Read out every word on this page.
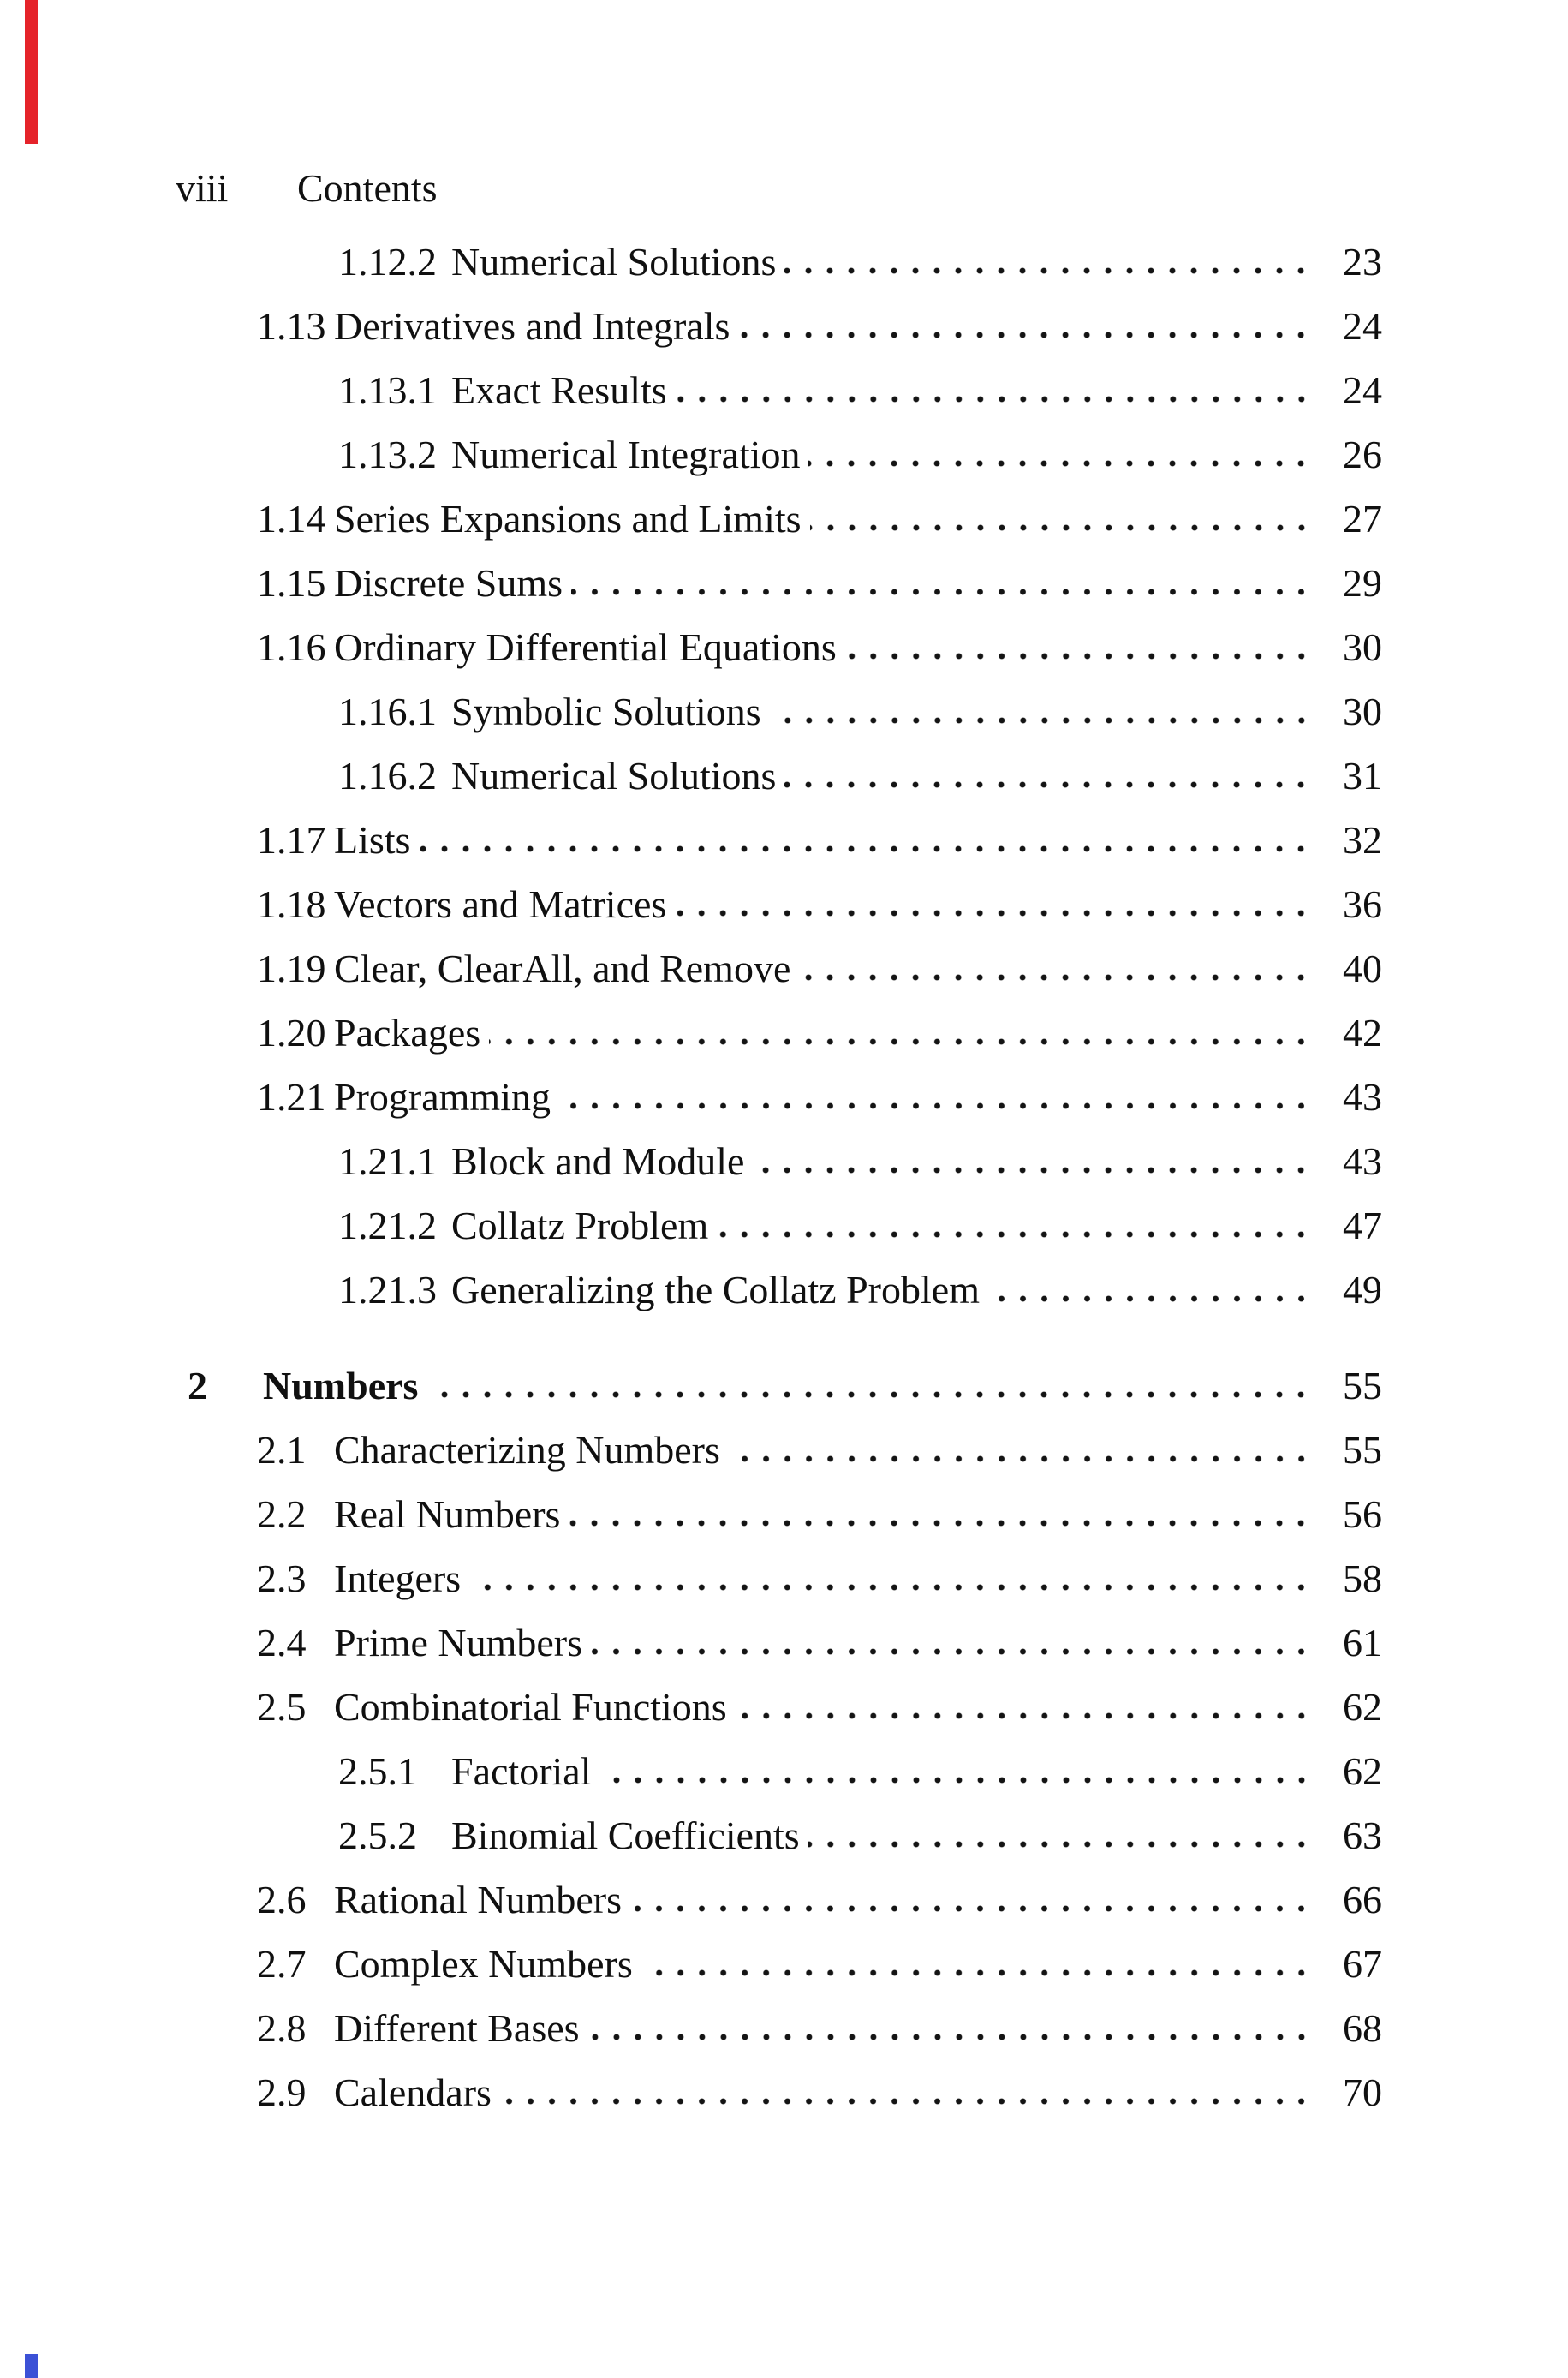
viii Contents
1.12.2 Numerical Solutions	23
1.13 Derivatives and Integrals	24
1.13.1 Exact Results	24
1.13.2 Numerical Integration	26
1.14 Series Expansions and Limits	27
1.15 Discrete Sums	29
1.16 Ordinary Differential Equations	30
1.16.1 Symbolic Solutions	30
1.16.2 Numerical Solutions	31
1.17 Lists	32
1.18 Vectors and Matrices	36
1.19 Clear, ClearAll, and Remove	40
1.20 Packages	42
1.21 Programming	43
1.21.1 Block and Module	43
1.21.2 Collatz Problem	47
1.21.3 Generalizing the Collatz Problem	49
2	Numbers	55
2.1 Characterizing Numbers	55
2.2 Real Numbers	56
2.3 Integers	58
2.4 Prime Numbers	61
2.5 Combinatorial Functions	62
2.5.1 Factorial	62
2.5.2 Binomial Coefficients	63
2.6 Rational Numbers	66
2.7 Complex Numbers	67
2.8 Different Bases	68
2.9 Calendars	70
